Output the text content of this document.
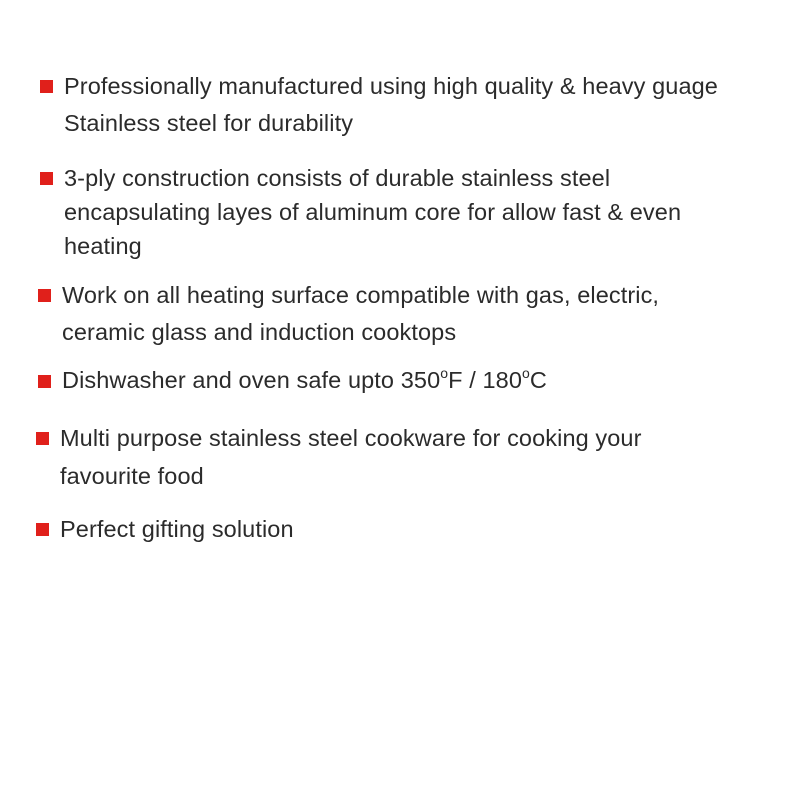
Professionally manufactured using high quality & heavy guage
Stainless steel for durability
3-ply construction consists of durable stainless steel
encapsulating layes of aluminum core for allow fast & even
heating
Work on all heating surface compatible with gas, electric,
ceramic glass and induction cooktops
Dishwasher and oven safe upto 350$^o$F / 180$^o$C
Multi purpose stainless steel cookware for cooking your
favourite food
Perfect gifting solution
